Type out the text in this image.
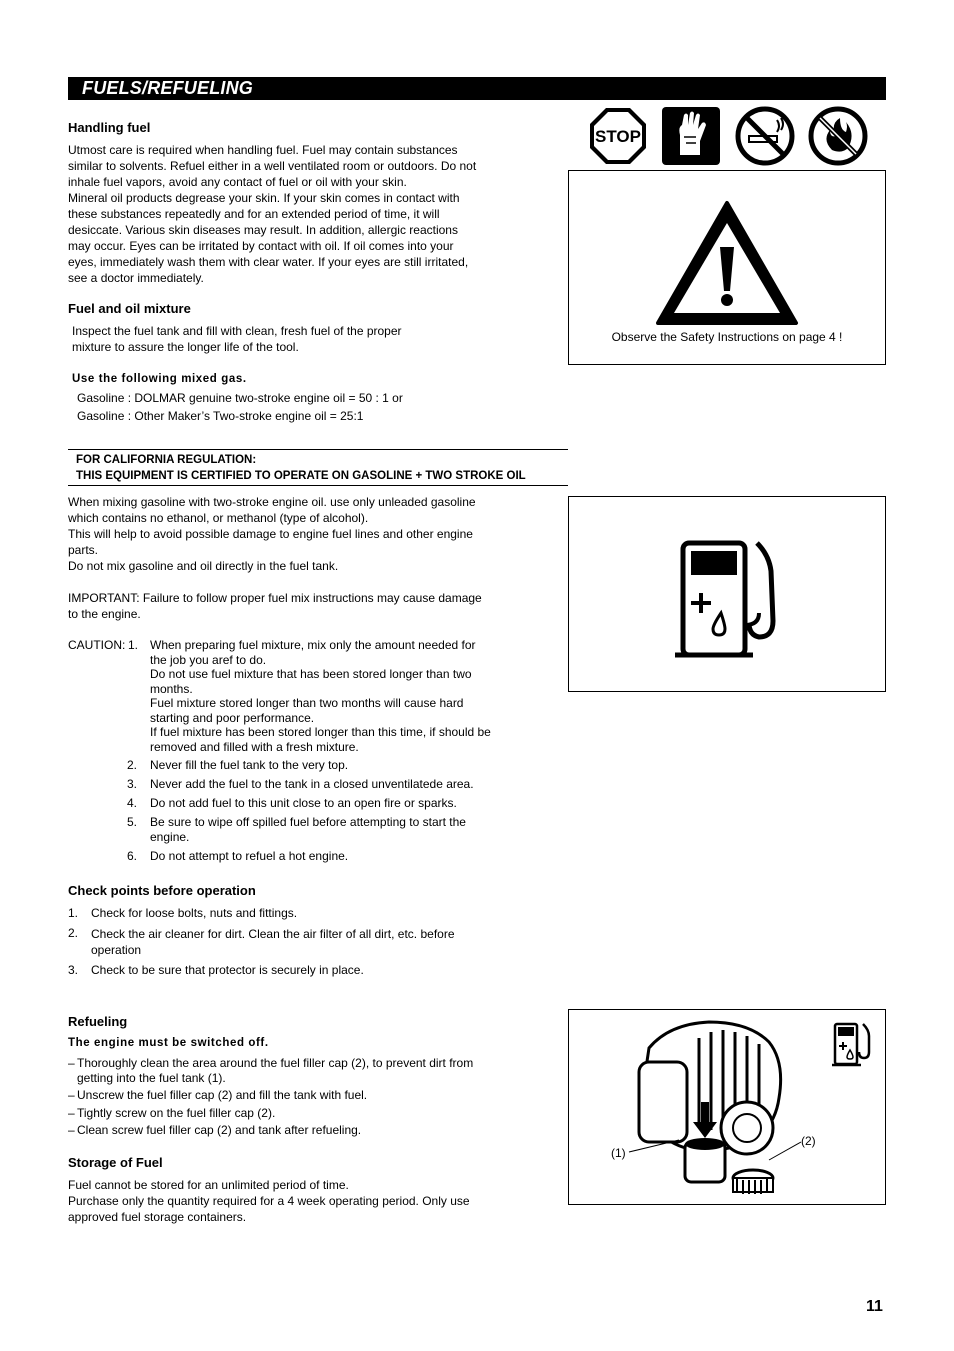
FUELS/REFUELING
Handling fuel
Utmost care is required when handling fuel. Fuel may contain substances
similar to solvents. Refuel either in a well ventilated room or outdoors. Do not
inhale fuel vapors, avoid any contact of fuel or oil with your skin.
Mineral oil products degrease your skin. If your skin comes in contact with
these substances repeatedly and for an extended period of time, it will
desiccate. Various skin diseases may result. In addition, allergic reactions
may occur. Eyes can be irritated by contact with oil. If oil comes into your
eyes, immediately wash them with clear water. If your eyes are still irritated,
see a doctor immediately.
Fuel and oil mixture
Inspect the fuel tank and fill with clean, fresh fuel of the proper
mixture to assure the longer life of the tool.
Use the following mixed gas.
Gasoline : DOLMAR genuine two-stroke engine oil = 50 : 1 or
Gasoline : Other Maker’s Two-stroke engine oil = 25:1
FOR CALIFORNIA REGULATION:
THIS EQUIPMENT IS CERTIFIED TO OPERATE ON GASOLINE + TWO STROKE OIL
When mixing gasoline with two-stroke engine oil. use only unleaded gasoline
which contains no ethanol, or methanol (type of alcohol).
This will help to avoid possible damage to engine fuel lines and other engine
parts.
Do not mix gasoline and oil directly in the fuel tank.
IMPORTANT: Failure to follow proper fuel mix instructions may cause damage
to the engine.
CAUTION: 1. When preparing fuel mixture, mix only the amount needed for
the job you aref to do.
Do not use fuel mixture that has been stored longer than two
months.
Fuel mixture stored longer than two months will cause hard
starting and poor performance.
If fuel mixture has been stored longer than this time, if should be
removed and filled with a fresh mixture.
2. Never fill the fuel tank to the very top.
3. Never add the fuel to the tank in a closed unventilatede area.
4. Do not add fuel to this unit close to an open fire or sparks.
5. Be sure to wipe off spilled fuel before attempting to start the
engine.
6. Do not attempt to refuel a hot engine.
Check points before operation
1. Check for loose bolts, nuts and fittings.
2. Check the air cleaner for dirt. Clean the air filter of all dirt, etc. before
operation
3. Check to be sure that protector is securely in place.
Refueling
The engine must be switched off.
– Thoroughly clean the area around the fuel filler cap (2), to prevent dirt from
getting into the fuel tank (1).
– Unscrew the fuel filler cap (2) and fill the tank with fuel.
– Tightly screw on the fuel filler cap (2).
– Clean screw fuel filler cap (2) and tank after refueling.
Storage of Fuel
Fuel cannot be stored for an unlimited period of time.
Purchase only the quantity required for a 4 week operating period. Only use
approved fuel storage containers.
STOP
Observe the Safety Instructions on page 4 !
(1)
(2)
11
